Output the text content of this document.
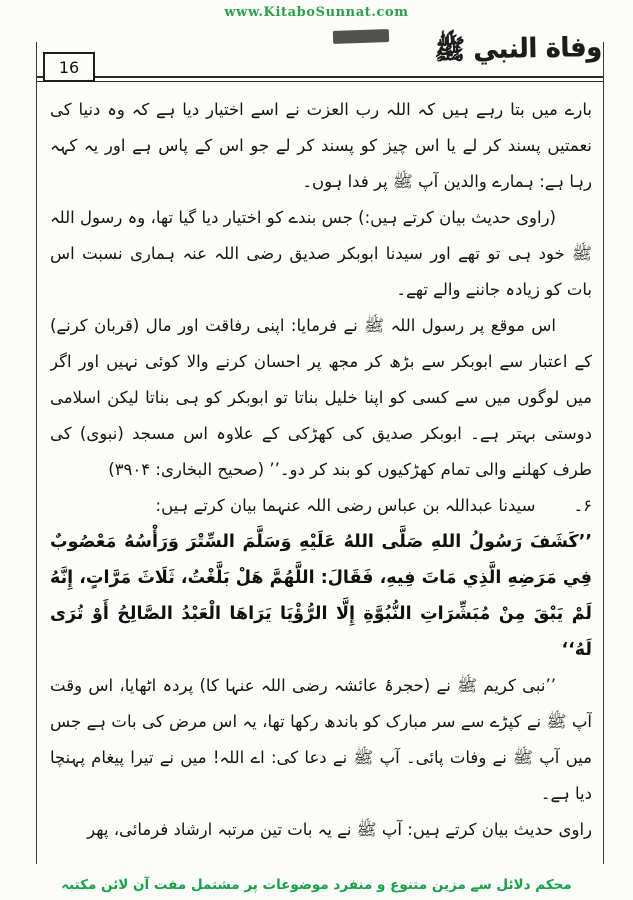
www.KitaboSunnat.com
16
وفاة النبي ﷺ

بارے میں بتا رہے ہیں کہ اللہ رب العزت نے اسے اختیار دیا ہے کہ وہ دنیا کی نعمتیں پسند کر لے یا اس چیز کو پسند کر لے جو اس کے پاس ہے اور یہ کہہ رہا ہے: ہمارے والدین آپ ﷺ پر فدا ہوں۔

(راوی حدیث بیان کرتے ہیں:) جس بندے کو اختیار دیا گیا تھا، وہ رسول اللہ ﷺ خود ہی تو تھے اور سیدنا ابوبکر صدیق رضی اللہ عنہ ہماری نسبت اس بات کو زیادہ جاننے والے تھے۔

اس موقع پر رسول اللہ ﷺ نے فرمایا: اپنی رفاقت اور مال (قربان کرنے) کے اعتبار سے ابوبکر سے بڑھ کر مجھ پر احسان کرنے والا کوئی نہیں اور اگر میں لوگوں میں سے کسی کو اپنا خلیل بناتا تو ابوبکر کو ہی بناتا لیکن اسلامی دوستی بہتر ہے۔ ابوبکر صدیق کی کھڑکی کے علاوہ اس مسجد (نبوی) کی طرف کھلنے والی تمام کھڑکیوں کو بند کر دو۔’’ (صحیح البخاری: ۳۹۰۴)

۶۔سیدنا عبداللہ بن عباس رضی اللہ عنہما بیان کرتے ہیں:

’’كَشَفَ رَسُولُ اللهِ صَلَّى اللهُ عَلَيْهِ وَسَلَّمَ السِّتْرَ وَرَأْسُهُ مَعْصُوبٌ فِي مَرَضِهِ الَّذِي مَاتَ فِيهِ، فَقَالَ: اللَّهُمَّ هَلْ بَلَّغْتُ، ثَلَاثَ مَرَّاتٍ، إِنَّهُ لَمْ يَبْقَ مِنْ مُبَشِّرَاتِ النُّبُوَّةِ إِلَّا الرُّؤْيَا يَرَاهَا الْعَبْدُ الصَّالِحُ أَوْ تُرَى لَهُ‘‘

’’نبی کریم ﷺ نے (حجرۂ عائشہ رضی اللہ عنہا کا) پردہ اٹھایا، اس وقت آپ ﷺ نے کپڑے سے سر مبارک کو باندھ رکھا تھا، یہ اس مرض کی بات ہے جس میں آپ ﷺ نے وفات پائی۔ آپ ﷺ نے دعا کی: اے اللہ! میں نے تیرا پیغام پہنچا دیا ہے۔

راوی حدیث بیان کرتے ہیں: آپ ﷺ نے یہ بات تین مرتبہ ارشاد فرمائی، پھر

محکم دلائل سے مزین متنوع و منفرد موضوعات پر مشتمل مفت آن لائن مکتبہ
